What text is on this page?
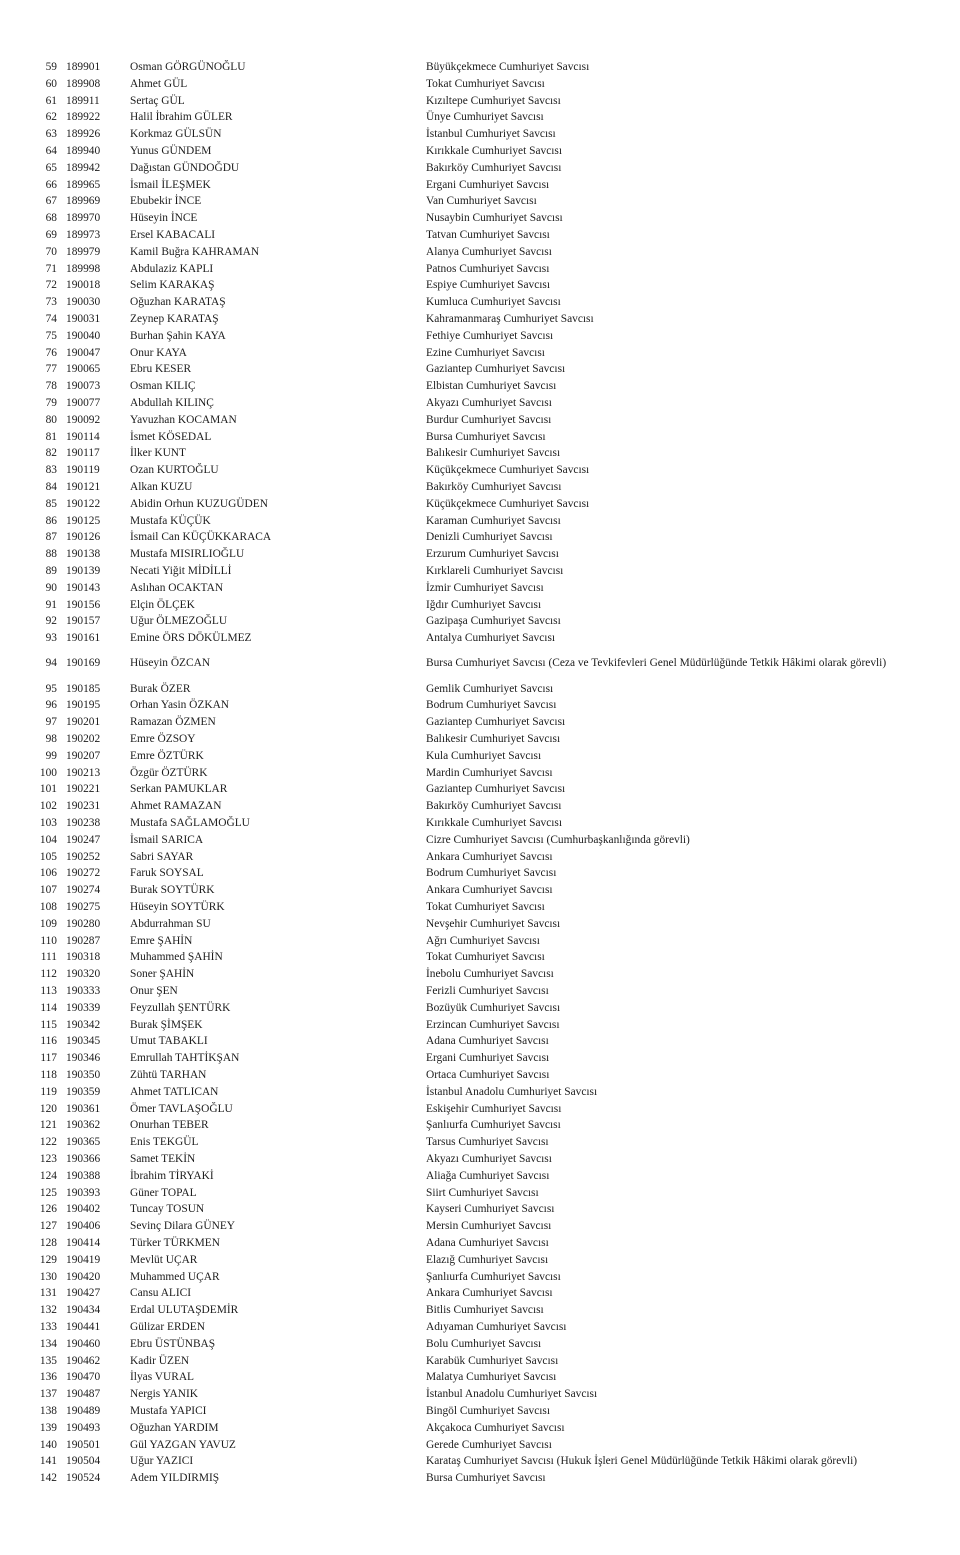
59 189901	Osman GÖRGÜNOĞLU	Büyükçekmece Cumhuriyet Savcısı
60 189908	Ahmet GÜL	Tokat Cumhuriyet Savcısı
61 189911	Sertaç GÜL	Kızıltepe Cumhuriyet Savcısı
62 189922	Halil İbrahim GÜLER	Ünye Cumhuriyet Savcısı
63 189926	Korkmaz GÜLSÜN	İstanbul Cumhuriyet Savcısı
64 189940	Yunus GÜNDEM	Kırıkkale Cumhuriyet Savcısı
65 189942	Dağıstan GÜNDOĞDU	Bakırköy Cumhuriyet Savcısı
66 189965	İsmail İLEŞMEK	Ergani Cumhuriyet Savcısı
67 189969	Ebubekir İNCE	Van Cumhuriyet Savcısı
68 189970	Hüseyin İNCE	Nusaybin Cumhuriyet Savcısı
69 189973	Ersel KABACALI	Tatvan Cumhuriyet Savcısı
70 189979	Kamil Buğra KAHRAMAN	Alanya Cumhuriyet Savcısı
71 189998	Abdulaziz KAPLI	Patnos Cumhuriyet Savcısı
72 190018	Selim KARAKAŞ	Espiye Cumhuriyet Savcısı
73 190030	Oğuzhan KARATAŞ	Kumluca Cumhuriyet Savcısı
74 190031	Zeynep KARATAŞ	Kahramanmaraş Cumhuriyet Savcısı
75 190040	Burhan Şahin KAYA	Fethiye Cumhuriyet Savcısı
76 190047	Onur KAYA	Ezine Cumhuriyet Savcısı
77 190065	Ebru KESER	Gaziantep Cumhuriyet Savcısı
78 190073	Osman KILIÇ	Elbistan Cumhuriyet Savcısı
79 190077	Abdullah KILINÇ	Akyazı Cumhuriyet Savcısı
80 190092	Yavuzhan KOCAMAN	Burdur Cumhuriyet Savcısı
81 190114	İsmet KÖSEDAL	Bursa Cumhuriyet Savcısı
82 190117	İlker KUNT	Balıkesir Cumhuriyet Savcısı
83 190119	Ozan KURTOĞLU	Küçükçekmece Cumhuriyet Savcısı
84 190121	Alkan KUZU	Bakırköy Cumhuriyet Savcısı
85 190122	Abidin Orhun KUZUGÜDEN	Küçükçekmece Cumhuriyet Savcısı
86 190125	Mustafa KÜÇÜK	Karaman Cumhuriyet Savcısı
87 190126	İsmail Can KÜÇÜKKARACA	Denizli Cumhuriyet Savcısı
88 190138	Mustafa MISIRLIOĞLU	Erzurum Cumhuriyet Savcısı
89 190139	Necati Yiğit MİDİLLİ	Kırklareli Cumhuriyet Savcısı
90 190143	Aslıhan OCAKTAN	İzmir Cumhuriyet Savcısı
91 190156	Elçin ÖLÇEK	Iğdır Cumhuriyet Savcısı
92 190157	Uğur ÖLMEZOĞLU	Gazipaşa Cumhuriyet Savcısı
93 190161	Emine ÖRS DÖKÜLMEZ	Antalya Cumhuriyet Savcısı
94 190169	Hüseyin ÖZCAN	Bursa Cumhuriyet Savcısı (Ceza ve Tevkifevleri Genel Müdürlüğünde Tetkik Hâkimi olarak görevli)
95 190185	Burak ÖZER	Gemlik Cumhuriyet Savcısı
96 190195	Orhan Yasin ÖZKAN	Bodrum Cumhuriyet Savcısı
97 190201	Ramazan ÖZMEN	Gaziantep Cumhuriyet Savcısı
98 190202	Emre ÖZSOY	Balıkesir Cumhuriyet Savcısı
99 190207	Emre ÖZTÜRK	Kula Cumhuriyet Savcısı
100 190213	Özgür ÖZTÜRK	Mardin Cumhuriyet Savcısı
101 190221	Serkan PAMUKLAR	Gaziantep Cumhuriyet Savcısı
102 190231	Ahmet RAMAZAN	Bakırköy Cumhuriyet Savcısı
103 190238	Mustafa SAĞLAMOĞLU	Kırıkkale Cumhuriyet Savcısı
104 190247	İsmail SARICA	Cizre Cumhuriyet Savcısı (Cumhurbaşkanlığında görevli)
105 190252	Sabri SAYAR	Ankara Cumhuriyet Savcısı
106 190272	Faruk SOYSAL	Bodrum Cumhuriyet Savcısı
107 190274	Burak SOYTÜRK	Ankara Cumhuriyet Savcısı
108 190275	Hüseyin SOYTÜRK	Tokat Cumhuriyet Savcısı
109 190280	Abdurrahman SU	Nevşehir Cumhuriyet Savcısı
110 190287	Emre ŞAHİN	Ağrı Cumhuriyet Savcısı
111 190318	Muhammed ŞAHİN	Tokat Cumhuriyet Savcısı
112 190320	Soner ŞAHİN	İnebolu Cumhuriyet Savcısı
113 190333	Onur ŞEN	Ferizli Cumhuriyet Savcısı
114 190339	Feyzullah ŞENTÜRK	Bozüyük Cumhuriyet Savcısı
115 190342	Burak ŞİMŞEK	Erzincan Cumhuriyet Savcısı
116 190345	Umut TABAKLI	Adana Cumhuriyet Savcısı
117 190346	Emrullah TAHTİKŞAN	Ergani Cumhuriyet Savcısı
118 190350	Zühtü TARHAN	Ortaca Cumhuriyet Savcısı
119 190359	Ahmet TATLICAN	İstanbul Anadolu Cumhuriyet Savcısı
120 190361	Ömer TAVLAŞOĞLU	Eskişehir Cumhuriyet Savcısı
121 190362	Onurhan TEBER	Şanlıurfa Cumhuriyet Savcısı
122 190365	Enis TEKGÜL	Tarsus Cumhuriyet Savcısı
123 190366	Samet TEKİN	Akyazı Cumhuriyet Savcısı
124 190388	İbrahim TİRYAKİ	Aliağa Cumhuriyet Savcısı
125 190393	Güner TOPAL	Siirt Cumhuriyet Savcısı
126 190402	Tuncay TOSUN	Kayseri Cumhuriyet Savcısı
127 190406	Sevinç Dilara GÜNEY	Mersin Cumhuriyet Savcısı
128 190414	Türker TÜRKMEN	Adana Cumhuriyet Savcısı
129 190419	Mevlüt UÇAR	Elazığ Cumhuriyet Savcısı
130 190420	Muhammed UÇAR	Şanlıurfa Cumhuriyet Savcısı
131 190427	Cansu ALICI	Ankara Cumhuriyet Savcısı
132 190434	Erdal ULUTAŞDEMİR	Bitlis Cumhuriyet Savcısı
133 190441	Gülizar ERDEN	Adıyaman Cumhuriyet Savcısı
134 190460	Ebru ÜSTÜNBAŞ	Bolu Cumhuriyet Savcısı
135 190462	Kadir ÜZEN	Karabük Cumhuriyet Savcısı
136 190470	İlyas VURAL	Malatya Cumhuriyet Savcısı
137 190487	Nergis YANIK	İstanbul Anadolu Cumhuriyet Savcısı
138 190489	Mustafa YAPICI	Bingöl Cumhuriyet Savcısı
139 190493	Oğuzhan YARDIM	Akçakoca Cumhuriyet Savcısı
140 190501	Gül YAZGAN YAVUZ	Gerede Cumhuriyet Savcısı
141 190504	Uğur YAZICI	Karataş Cumhuriyet Savcısı (Hukuk İşleri Genel Müdürlüğünde Tetkik Hâkimi olarak görevli)
142 190524	Adem YILDIRMIŞ	Bursa Cumhuriyet Savcısı
